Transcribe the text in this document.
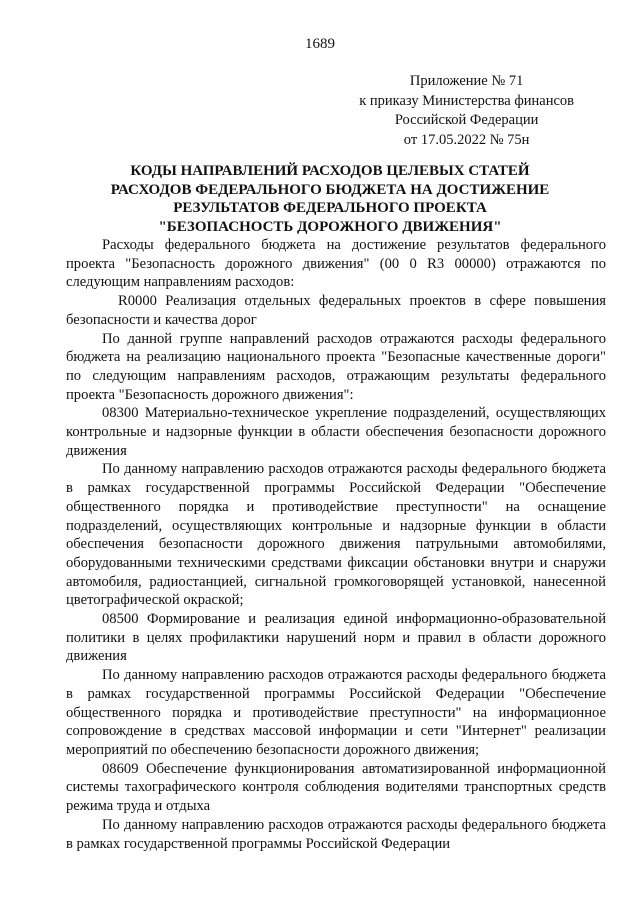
1689
Приложение № 71
к приказу Министерства финансов
Российской Федерации
от 17.05.2022 № 75н
КОДЫ НАПРАВЛЕНИЙ РАСХОДОВ ЦЕЛЕВЫХ СТАТЕЙ
РАСХОДОВ ФЕДЕРАЛЬНОГО БЮДЖЕТА НА ДОСТИЖЕНИЕ
РЕЗУЛЬТАТОВ ФЕДЕРАЛЬНОГО ПРОЕКТА
"БЕЗОПАСНОСТЬ ДОРОЖНОГО ДВИЖЕНИЯ"

Расходы федерального бюджета на достижение результатов федерального проекта "Безопасность дорожного движения" (00 0 R3 00000) отражаются по следующим направлениям расходов:

R0000 Реализация отдельных федеральных проектов в сфере повышения безопасности и качества дорог

По данной группе направлений расходов отражаются расходы федерального бюджета на реализацию национального проекта "Безопасные качественные дороги" по следующим направлениям расходов, отражающим результаты федерального проекта "Безопасность дорожного движения":

08300 Материально-техническое укрепление подразделений, осуществляющих контрольные и надзорные функции в области обеспечения безопасности дорожного движения

По данному направлению расходов отражаются расходы федерального бюджета в рамках государственной программы Российской Федерации "Обеспечение общественного порядка и противодействие преступности" на оснащение подразделений, осуществляющих контрольные и надзорные функции в области обеспечения безопасности дорожного движения патрульными автомобилями, оборудованными техническими средствами фиксации обстановки внутри и снаружи автомобиля, радиостанцией, сигнальной громкоговорящей установкой, нанесенной цветографической окраской;

08500 Формирование и реализация единой информационно-образовательной политики в целях профилактики нарушений норм и правил в области дорожного движения

По данному направлению расходов отражаются расходы федерального бюджета в рамках государственной программы Российской Федерации "Обеспечение общественного порядка и противодействие преступности" на информационное сопровождение в средствах массовой информации и сети "Интернет" реализации мероприятий по обеспечению безопасности дорожного движения;

08609 Обеспечение функционирования автоматизированной информационной системы тахографического контроля соблюдения водителями транспортных средств режима труда и отдыха

По данному направлению расходов отражаются расходы федерального бюджета в рамках государственной программы Российской Федерации
